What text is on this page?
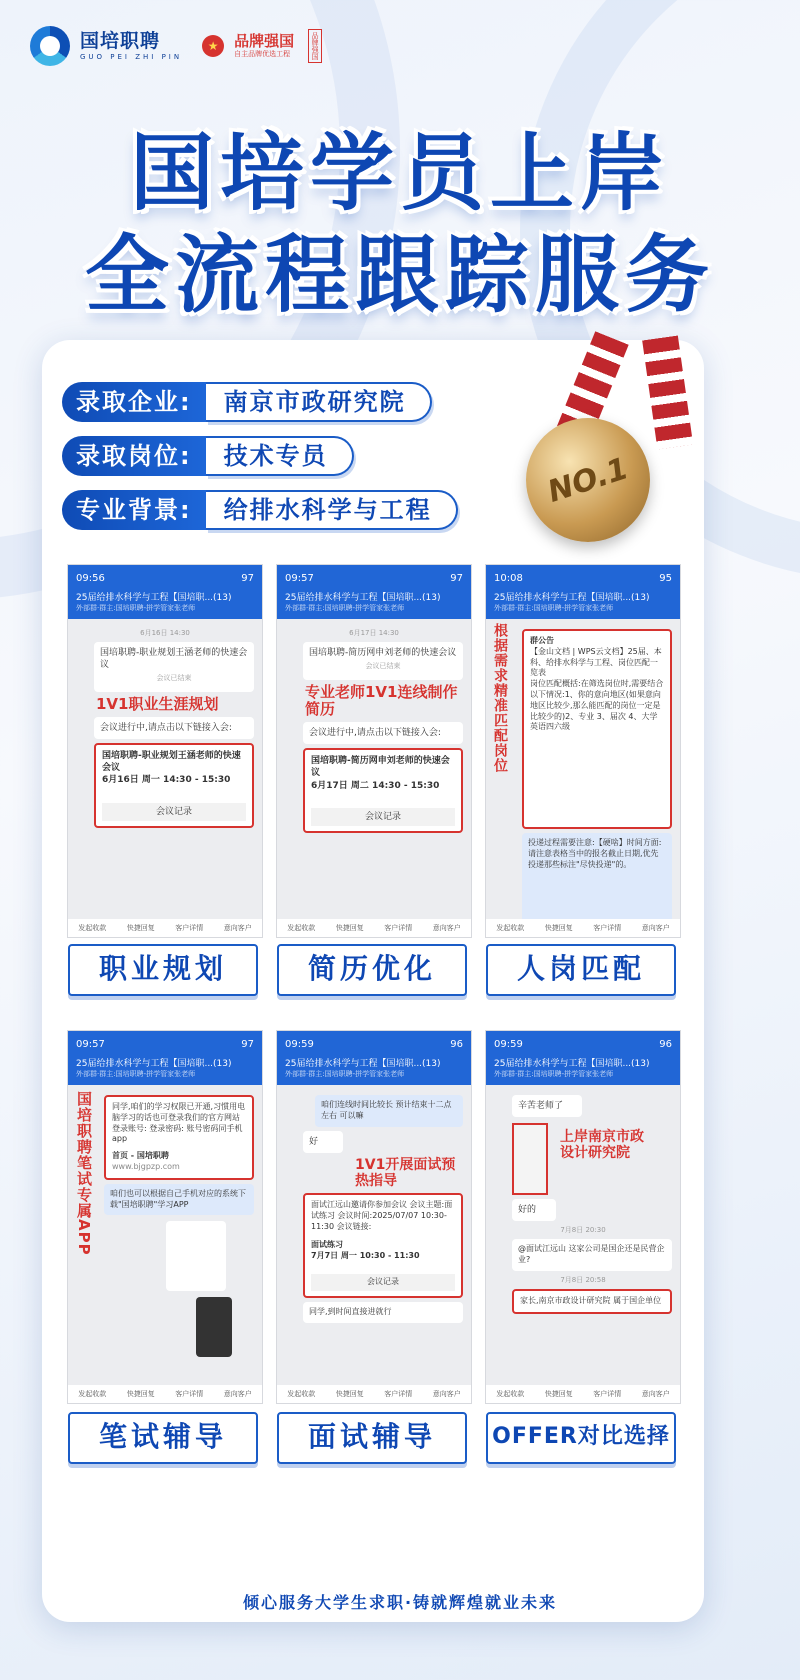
国培职聘
GUO PEI ZHI PIN
★	品牌强国
自主品牌优选工程	品牌强国
国培学员上岸
全流程跟踪服务
录取企业:	南京市政研究院
录取岗位:	技术专员
专业背景:	给排水科学与工程
NO.1
09:56	97
25届给排水科学与工程【国培职...(13)
外部群·群主:国培职聘-拼学管家张老师
6月16日 14:30
国培职聘-职业规划王涵老师的快速会议
会议已结束
1V1职业生涯规划
会议进行中,请点击以下链接入会:
国培职聘-职业规划王涵老师的快速会议
6月16日 周一 14:30 - 15:30
会议记录
发起收款	快捷回复	客户详情	意向客户
职业规划
09:57	97
25届给排水科学与工程【国培职...(13)
外部群·群主:国培职聘-拼学管家张老师
6月17日 14:30
国培职聘-简历网申刘老师的快速会议
会议已结束
专业老师1V1连线制作简历
会议进行中,请点击以下链接入会:
国培职聘-简历网申刘老师的快速会议
6月17日 周二 14:30 - 15:30
会议记录
发起收款	快捷回复	客户详情	意向客户
简历优化
10:08	95
25届给排水科学与工程【国培职...(13)
外部群·群主:国培职聘-拼学管家张老师
根据需求精准匹配岗位	群公告
【金山文档 | WPS云文档】25届、本科、给排水科学与工程、岗位匹配一览表
岗位匹配概括:在筛选岗位时,需要结合以下情况:1、你的意向地区(如果意向地区比较少,那么能匹配的岗位一定是比较少的)2、专业 3、届次 4、大学英语四六级
投递过程需要注意:【硬啥】时间方面:请注意表格当中的报名截止日期,优先投递那些标注"尽快投递"的。
发起收款	快捷回复	客户详情	意向客户
人岗匹配
09:57	97
25届给排水科学与工程【国培职...(13)
外部群·群主:国培职聘-拼学管家张老师
国培职聘笔试专属APP 同学,咱们的学习权限已开通,习惯用电脑学习的话也可登录我们的官方网站 登录账号: 登录密码: 账号密码同手机app
首页 - 国培职聘
www.bjgpzp.com
咱们也可以根据自己手机对应的系统下载"国培职聘"学习APP
发起收款	快捷回复	客户详情	意向客户
笔试辅导
09:59	96
25届给排水科学与工程【国培职...(13)
外部群·群主:国培职聘-拼学管家张老师
咱们连线时间比较长 预计结束十二点左右 可以嘛
好
1V1开展面试预热指导
面试江远山邀请你参加会议 会议主题:面试练习 会议时间:2025/07/07 10:30-11:30 会议链接:
面试练习
7月7日 周一 10:30 - 11:30
会议记录
同学,到时间直接进就行
发起收款	快捷回复	客户详情	意向客户
面试辅导
09:59	96
25届给排水科学与工程【国培职...(13)
外部群·群主:国培职聘-拼学管家张老师
辛苦老师了
上岸南京市政设计研究院
好的
7月8日 20:30
@面试江远山 这家公司是国企还是民营企业?
7月8日 20:58
家长,南京市政设计研究院 属于国企单位
发起收款	快捷回复	客户详情	意向客户
OFFER对比选择
倾心服务大学生求职·铸就辉煌就业未来
